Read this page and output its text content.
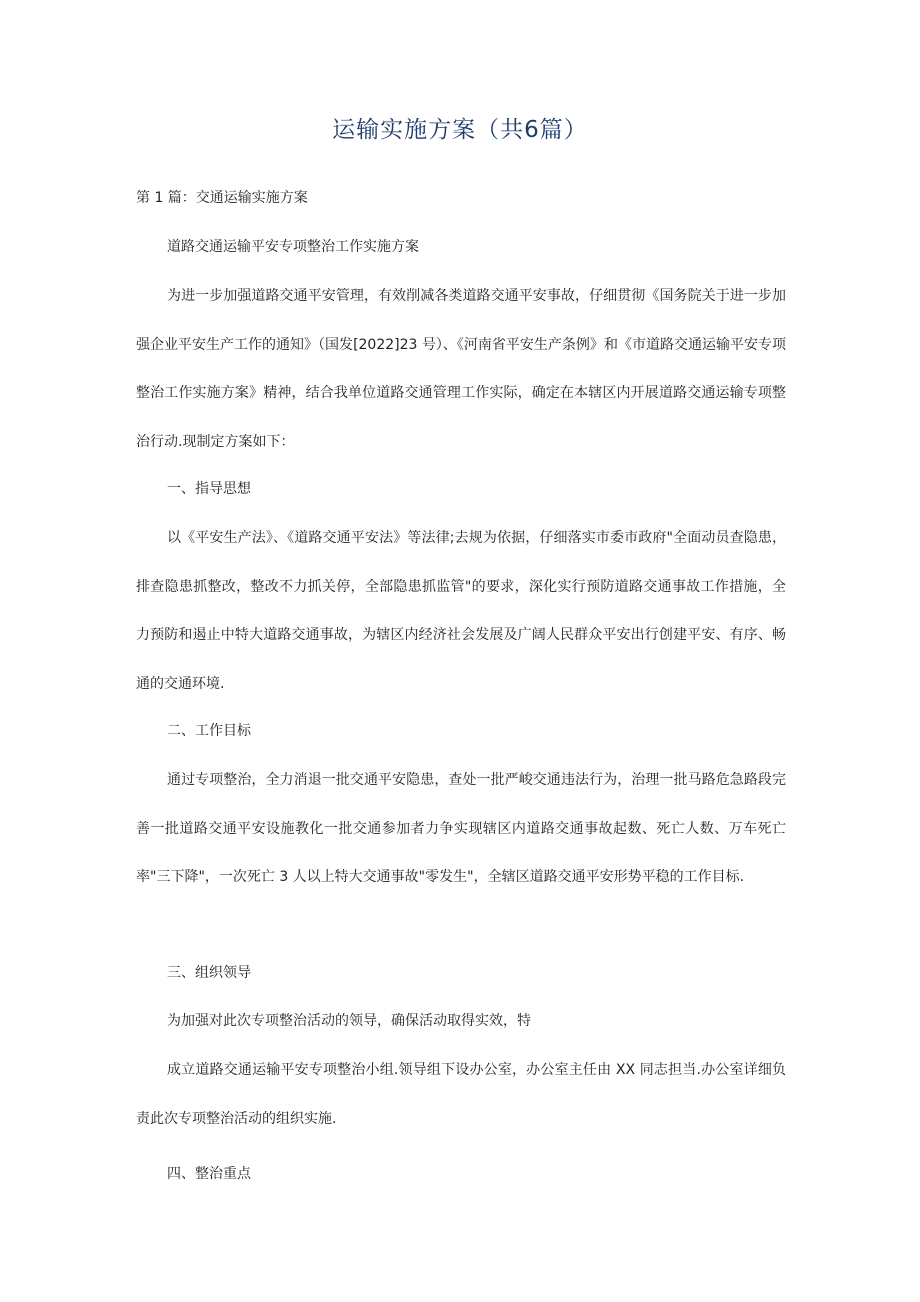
运输实施方案（共6篇）

第 1 篇：交通运输实施方案

道路交通运输平安专项整治工作实施方案

为进一步加强道路交通平安管理，有效削减各类道路交通平安事故，仔细贯彻《国务院关于进一步加强企业平安生产工作的通知》（国发[2022]23 号）、《河南省平安生产条例》和《市道路交通运输平安专项整治工作实施方案》精神，结合我单位道路交通管理工作实际，确定在本辖区内开展道路交通运输专项整治行动.现制定方案如下：

一、指导思想

以《平安生产法》、《道路交通平安法》等法律;去规为依据，仔细落实市委市政府"全面动员查隐患，排查隐患抓整改，整改不力抓关停，全部隐患抓监管"的要求，深化实行预防道路交通事故工作措施，全力预防和遏止中特大道路交通事故，为辖区内经济社会发展及广阔人民群众平安出行创建平安、有序、畅通的交通环境.

二、工作目标

通过专项整治，全力消退一批交通平安隐患，查处一批严峻交通违法行为，治理一批马路危急路段完善一批道路交通平安设施教化一批交通参加者力争实现辖区内道路交通事故起数、死亡人数、万车死亡率"三下降"，一次死亡 3 人以上特大交通事故"零发生"，全辖区道路交通平安形势平稳的工作目标.

三、组织领导

为加强对此次专项整治活动的领导，确保活动取得实效，特

成立道路交通运输平安专项整治小组.领导组下设办公室，办公室主任由 XX 同志担当.办公室详细负责此次专项整治活动的组织实施.

四、整治重点
